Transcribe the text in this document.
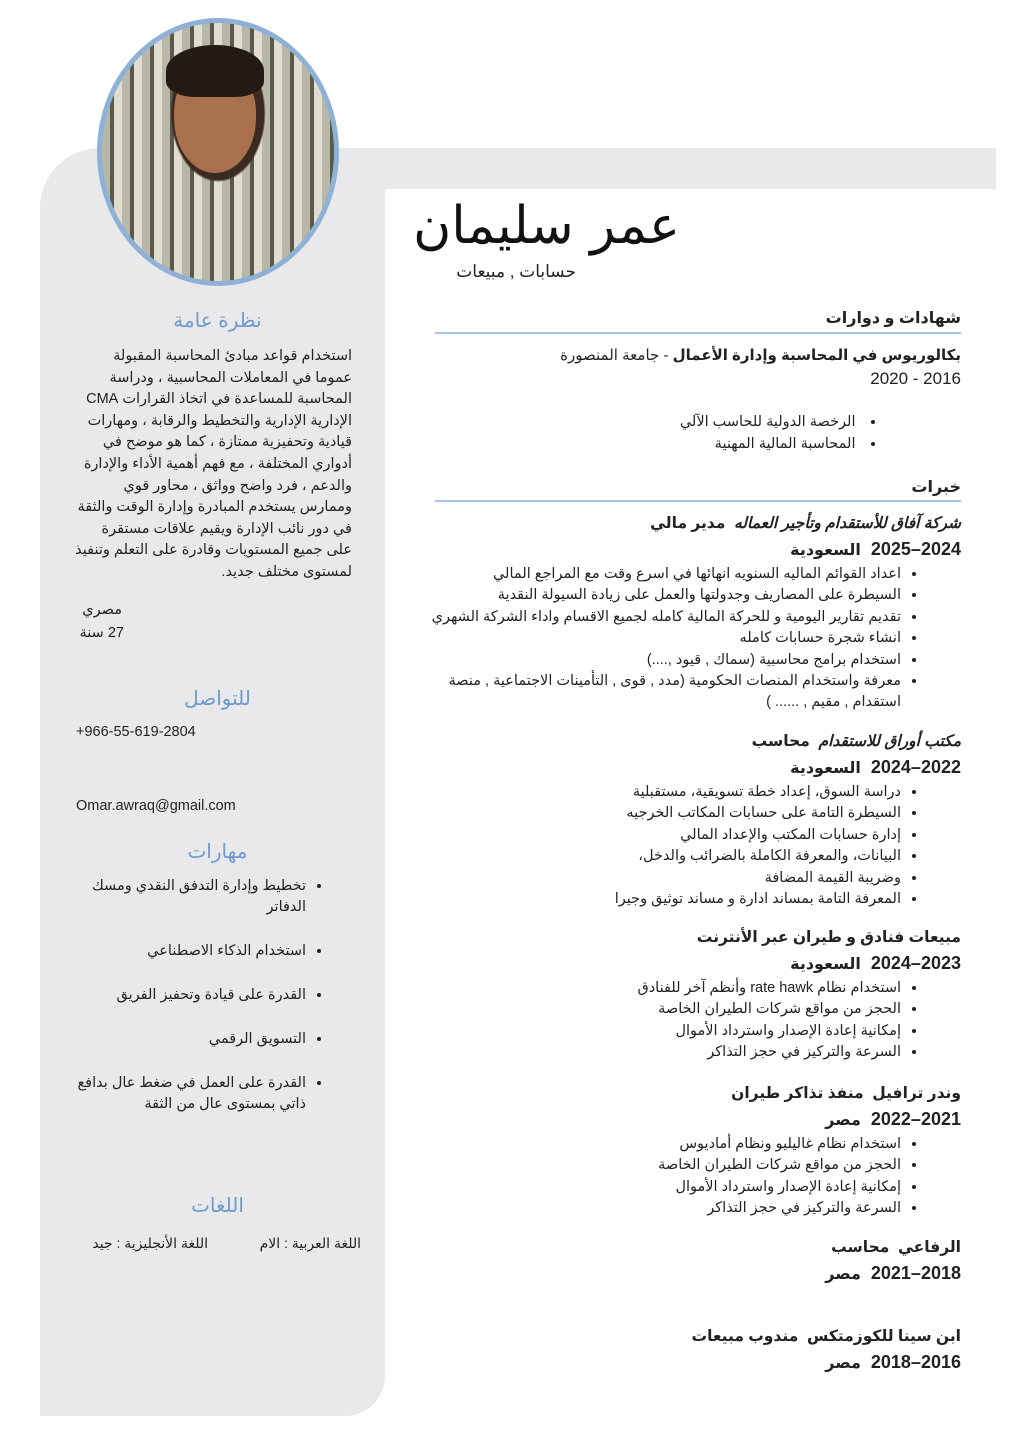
عمر سليمان
حسابات , مبيعات
نظرة عامة
استخدام قواعد مبادئ المحاسبة المقبولة عموما في المعاملات المحاسبية ، ودراسة المحاسبة للمساعدة في اتخاذ القرارات CMA الإدارية الإدارية والتخطيط والرقابة ، ومهارات قيادية وتحفيزية ممتازة ، كما هو موضح في أدواري المختلفة ، مع فهم أهمية الأداء والإدارة والدعم ، فرد واضح وواثق ، محاور قوي وممارس يستخدم المبادرة وإدارة الوقت والثقة في دور نائب الإدارة ويقيم علاقات مستقرة على جميع المستويات وقادرة على التعلم وتنفيذ لمستوى مختلف جديد.
مصري
27 سنة
للتواصل
+966-55-619-2804
Omar.awraq@gmail.com
مهارات
• تخطيط وإدارة التدفق النقدي ومسك الدفاتر
• استخدام الذكاء الاصطناعي
• القدرة على قيادة وتحفيز الفريق
• التسويق الرقمي
• القدرة على العمل في ضغط عال بدافع ذاتي بمستوى عال من الثقة
اللغات
اللغة العربية : الام
اللغة الأنجليزية : جيد
شهادات و دوارات
بكالوريوس في المحاسبة وإدارة الأعمال - جامعة المنصورة
2020 - 2016
• الرخصة الدولية للحاسب الآلي
• المحاسبة المالية المهنية
خبرات
شركة آفاق للأستقدام وتأجير العماله  مدير مالي
2025–2024  السعودية
• اعداد القوائم الماليه السنويه انهائها في اسرع وقت مع المراجع المالي
• السيطرة على المصاريف وجدولتها والعمل على زيادة السيولة النقدية
• تقديم تقارير اليومية و للحركة المالية كامله لجميع الاقسام واداء الشركة الشهري
• انشاء شجرة حسابات كامله
• استخدام برامج محاسبية (سماك , قيود ,....)
• معرفة واستخدام المنصات الحكومية (مدد , قوى , التأمينات الاجتماعية , منصة استقدام , مقيم , ...... )
مكتب أوراق للاستقدام  محاسب
2024–2022  السعودية
• دراسة السوق، إعداد خطة تسويقية، مستقبلية
• السيطرة التامة على حسابات المكاتب الخرجيه
• إدارة حسابات المكتب والإعداد المالي
• البيانات، والمعرفة الكاملة بالضرائب والدخل،
• وضريبة القيمة المضافة
• المعرفة التامة بمساند ادارة و مساند توثيق وجيرا
مبيعات فنادق و طيران عبر الأنترنت
2024–2023  السعودية
• استخدام نظام rate hawk وأنظم آخر للفنادق
• الحجز من مواقع شركات الطيران الخاصة
• إمكانية إعادة الإصدار واسترداد الأموال
• السرعة والتركيز في حجز التذاكر
وندر ترافيل  منفذ تذاكر طيران
2022–2021  مصر
• استخدام نظام غاليليو ونظام أماديوس
• الحجز من مواقع شركات الطيران الخاصة
• إمكانية إعادة الإصدار واسترداد الأموال
• السرعة والتركيز في حجز التذاكر
الرفاعي  محاسب
2021–2018  مصر
ابن سينا للكوزمتكس  مندوب مبيعات
2018–2016  مصر
